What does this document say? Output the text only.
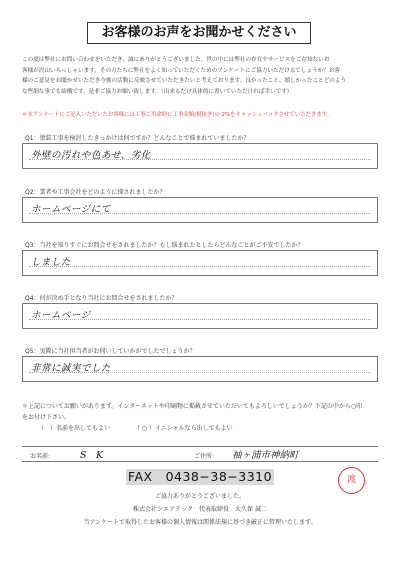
お客様のお声をお聞かせください

この度は弊社にお問い合わせをいただき、誠にありがとうございました。世の中には弊社の存在やサービスをご存知ないお

客様が沢山いらっしゃいます。その方たちに弊社をよく知っていただくためのアンケートにご協力いただけるでしょうか？お客

様のご意見をお聞かせいただき今後の活動に反映させていただきたいと考えております。良かったこと、嬉しかったことどのよう

な些細な事でも結構です。是非ご協力お願い致します。（出来るだけ具体的に書いていただければ幸いです）

＊本アンケートにご記入いただいたお客様には工事ご用命時に工事金額(税抜き)の 2%をキャッシュバックさせていただきます。
Q1：塗装工事を検討したきっかけは何ですか？どんなことで悩まれていましたか？
外壁の汚れや色あせ、劣化
Q2：業者や工事会社をどのように探されましたか？
ホームページにて
Q3：当社を知りすぐにお問合せをされましたか？もし悩まれたとしたらどんなことがご不安でしたか？
しました
Q4：何が決め手となり当社にお問合せをされましたか？
ホームページ
Q5：実際に当社担当者がお伺いしていかがでしたでしょうか？
非常に誠実でした

＊上記についてお願いがあります。インターネットや印刷物に掲載させていただいてもよろしいでしょうか？下記の中から○印

をお付け下さい。

（　）名前を出してもよい	（ ○ ）イニシャルなら出してもよい
お名前:	S　K	ご住所: 袖ヶ浦市神納町
FAX　0438−38−3310	渡
ご協力ありがとうございました。
株式会社シエアテック　代表取締役　大久保 誠二
当アンケートで取得したお客様の個人情報は関係法規に基づき厳正に管理いたします。
